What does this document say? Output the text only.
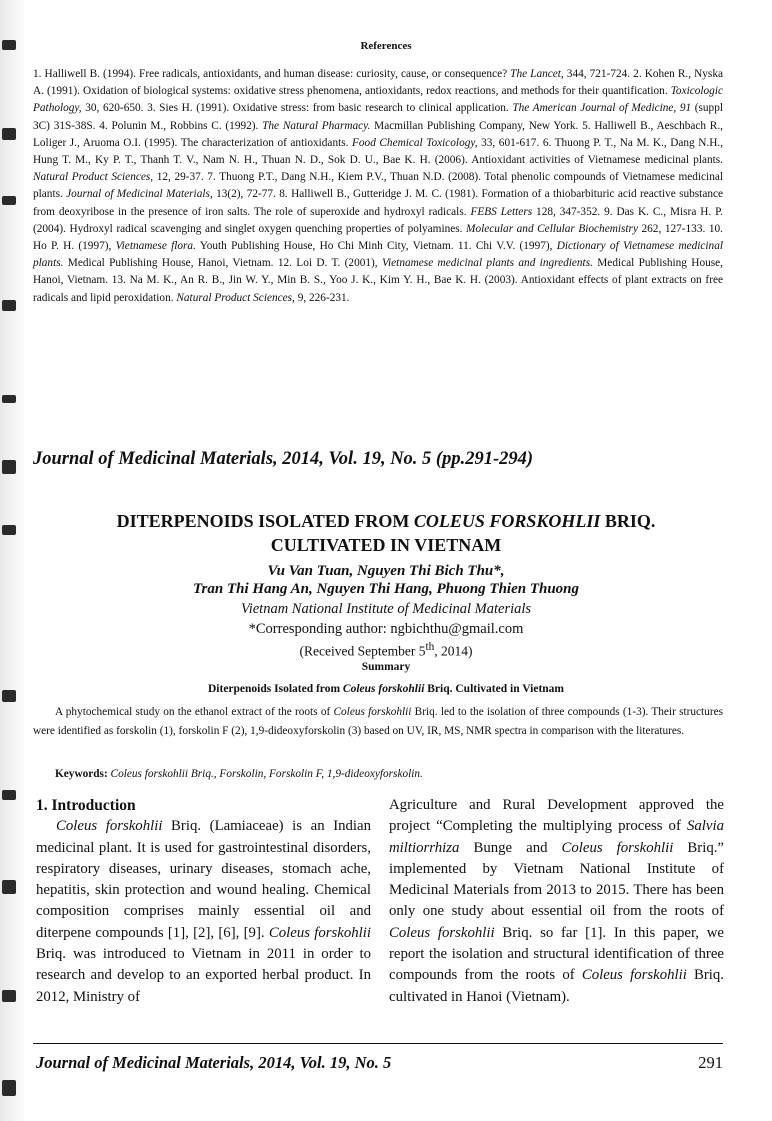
References
1. Halliwell B. (1994). Free radicals, antioxidants, and human disease: curiosity, cause, or consequence? The Lancet, 344, 721-724. 2. Kohen R., Nyska A. (1991). Oxidation of biological systems: oxidative stress phenomena, antioxidants, redox reactions, and methods for their quantification. Toxicologic Pathology, 30, 620-650. 3. Sies H. (1991). Oxidative stress: from basic research to clinical application. The American Journal of Medicine, 91 (suppl 3C) 31S-38S. 4. Polunin M., Robbins C. (1992). The Natural Pharmacy. Macmillan Publishing Company, New York. 5. Halliwell B., Aeschbach R., Loliger J., Aruoma O.I. (1995). The characterization of antioxidants. Food Chemical Toxicology, 33, 601-617. 6. Thuong P. T., Na M. K., Dang N.H., Hung T. M., Ky P. T., Thanh T. V., Nam N. H., Thuan N. D., Sok D. U., Bae K. H. (2006). Antioxidant activities of Vietnamese medicinal plants. Natural Product Sciences, 12, 29-37. 7. Thuong P.T., Dang N.H., Kiem P.V., Thuan N.D. (2008). Total phenolic compounds of Vietnamese medicinal plants. Journal of Medicinal Materials, 13(2), 72-77. 8. Halliwell B., Gutteridge J. M. C. (1981). Formation of a thiobarbituric acid reactive substance from deoxyribose in the presence of iron salts. The role of superoxide and hydroxyl radicals. FEBS Letters 128, 347-352. 9. Das K. C., Misra H. P. (2004). Hydroxyl radical scavenging and singlet oxygen quenching properties of polyamines. Molecular and Cellular Biochemistry 262, 127-133. 10. Ho P. H. (1997), Vietnamese flora. Youth Publishing House, Ho Chi Minh City, Vietnam. 11. Chi V.V. (1997), Dictionary of Vietnamese medicinal plants. Medical Publishing House, Hanoi, Vietnam. 12. Loi D. T. (2001), Vietnamese medicinal plants and ingredients. Medical Publishing House, Hanoi, Vietnam. 13. Na M. K., An R. B., Jin W. Y., Min B. S., Yoo J. K., Kim Y. H., Bae K. H. (2003). Antioxidant effects of plant extracts on free radicals and lipid peroxidation. Natural Product Sciences, 9, 226-231.
Journal of Medicinal Materials, 2014, Vol. 19, No. 5 (pp.291-294)
DITERPENOIDS ISOLATED FROM COLEUS FORSKOHLII BRIQ.
CULTIVATED IN VIETNAM
Vu Van Tuan, Nguyen Thi Bich Thu*,
Tran Thi Hang An, Nguyen Thi Hang, Phuong Thien Thuong
Vietnam National Institute of Medicinal Materials
*Corresponding author: ngbichthu@gmail.com
(Received September 5th, 2014)
Summary
Diterpenoids Isolated from Coleus forskohlii Briq. Cultivated in Vietnam
A phytochemical study on the ethanol extract of the roots of Coleus forskohlii Briq. led to the isolation of three compounds (1-3). Their structures were identified as forskolin (1), forskolin F (2), 1,9-dideoxyforskolin (3) based on UV, IR, MS, NMR spectra in comparison with the literatures.
Keywords: Coleus forskohlii Briq., Forskolin, Forskolin F, 1,9-dideoxyforskolin.
1. Introduction

Coleus forskohlii Briq. (Lamiaceae) is an Indian medicinal plant. It is used for gastrointestinal disorders, respiratory diseases, urinary diseases, stomach ache, hepatitis, skin protection and wound healing. Chemical composition comprises mainly essential oil and diterpene compounds [1], [2], [6], [9]. Coleus forskohlii Briq. was introduced to Vietnam in 2011 in order to research and develop to an exported herbal product. In 2012, Ministry of

Agriculture and Rural Development approved the project “Completing the multiplying process of Salvia miltiorrhiza Bunge and Coleus forskohlii Briq.” implemented by Vietnam National Institute of Medicinal Materials from 2013 to 2015. There has been only one study about essential oil from the roots of Coleus forskohlii Briq. so far [1]. In this paper, we report the isolation and structural identification of three compounds from the roots of Coleus forskohlii Briq. cultivated in Hanoi (Vietnam).

Journal of Medicinal Materials, 2014, Vol. 19, No. 5	291
